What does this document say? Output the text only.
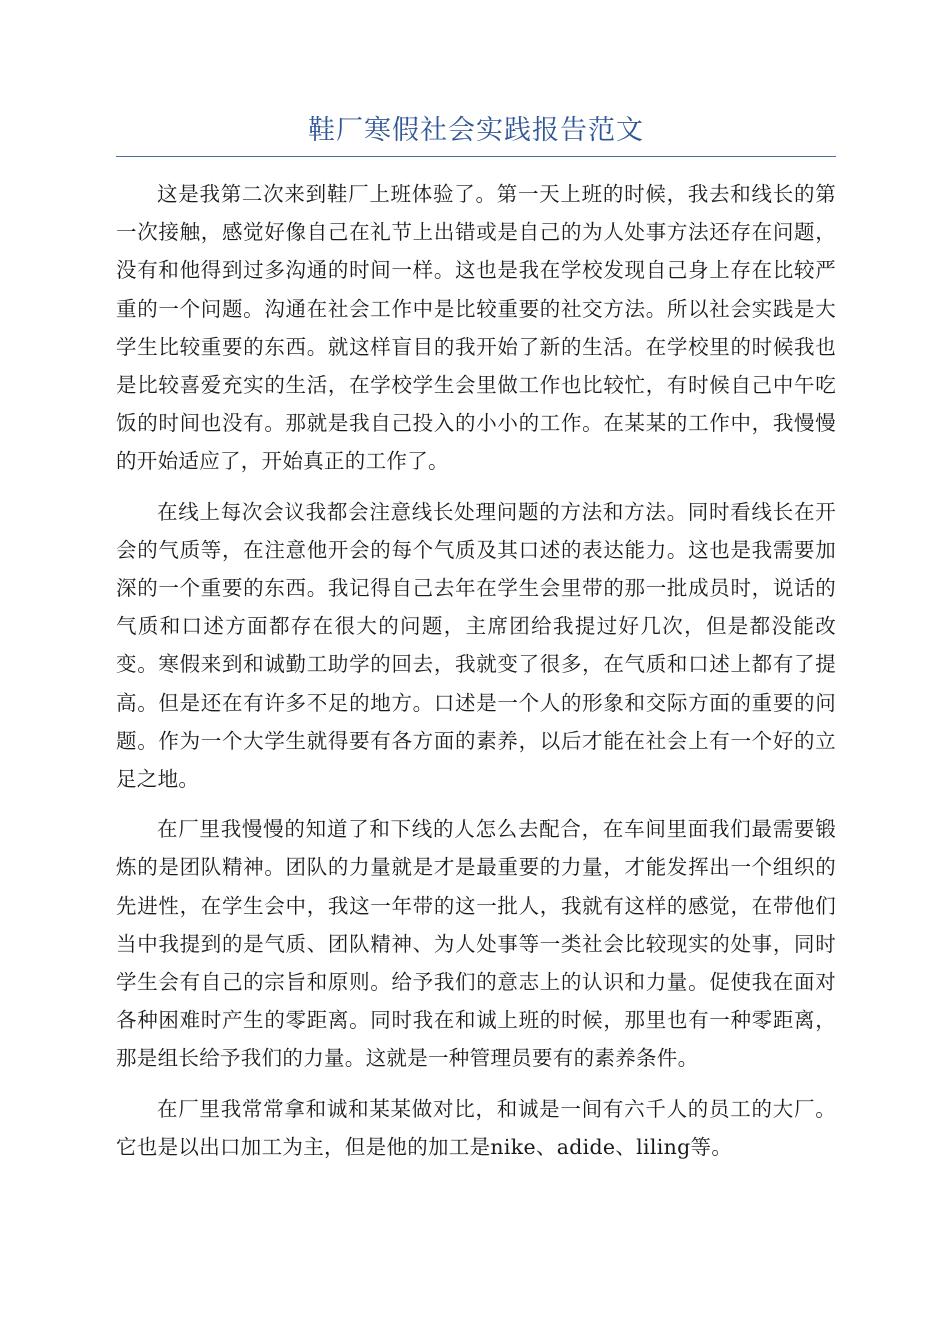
鞋厂寒假社会实践报告范文

这是我第二次来到鞋厂上班体验了。第一天上班的时候，我去和线长的第一次接触，感觉好像自己在礼节上出错或是自己的为人处事方法还存在问题，没有和他得到过多沟通的时间一样。这也是我在学校发现自己身上存在比较严重的一个问题。沟通在社会工作中是比较重要的社交方法。所以社会实践是大学生比较重要的东西。就这样盲目的我开始了新的生活。在学校里的时候我也是比较喜爱充实的生活，在学校学生会里做工作也比较忙，有时候自己中午吃饭的时间也没有。那就是我自己投入的小小的工作。在某某的工作中，我慢慢的开始适应了，开始真正的工作了。

在线上每次会议我都会注意线长处理问题的方法和方法。同时看线长在开会的气质等，在注意他开会的每个气质及其口述的表达能力。这也是我需要加深的一个重要的东西。我记得自己去年在学生会里带的那一批成员时，说话的气质和口述方面都存在很大的问题，主席团给我提过好几次，但是都没能改变。寒假来到和诚勤工助学的回去，我就变了很多，在气质和口述上都有了提高。但是还在有许多不足的地方。口述是一个人的形象和交际方面的重要的问题。作为一个大学生就得要有各方面的素养，以后才能在社会上有一个好的立足之地。

在厂里我慢慢的知道了和下线的人怎么去配合，在车间里面我们最需要锻炼的是团队精神。团队的力量就是才是最重要的力量，才能发挥出一个组织的先进性，在学生会中，我这一年带的这一批人，我就有这样的感觉，在带他们当中我提到的是气质、团队精神、为人处事等一类社会比较现实的处事，同时学生会有自己的宗旨和原则。给予我们的意志上的认识和力量。促使我在面对各种困难时产生的零距离。同时我在和诚上班的时候，那里也有一种零距离，那是组长给予我们的力量。这就是一种管理员要有的素养条件。

在厂里我常常拿和诚和某某做对比，和诚是一间有六千人的员工的大厂。它也是以出口加工为主，但是他的加工是nike、adide、liling等。
